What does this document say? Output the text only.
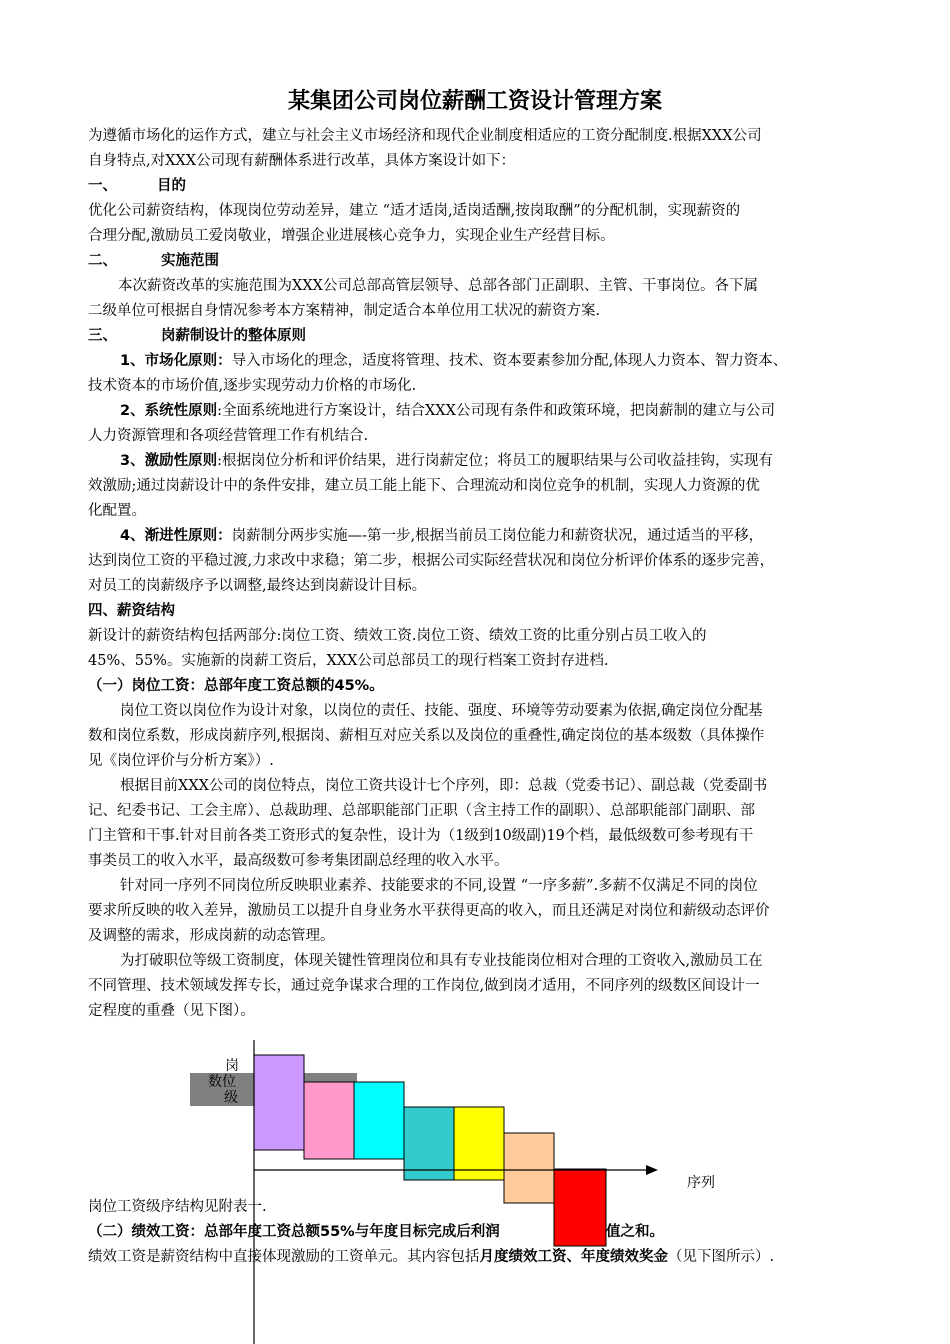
某集团公司岗位薪酬工资设计管理方案
为遵循市场化的运作方式，建立与社会主义市场经济和现代企业制度相适应的工资分配制度.根据XXX公司
自身特点,对XXX公司现有薪酬体系进行改革，具体方案设计如下：
一、	目的
优化公司薪资结构，体现岗位劳动差异，建立 “适才适岗,适岗适酬,按岗取酬”的分配机制，实现薪资的
合理分配,激励员工爱岗敬业，增强企业进展核心竞争力，实现企业生产经营目标。
二、	实施范围
本次薪资改革的实施范围为XXX公司总部高管层领导、总部各部门正副职、主管、干事岗位。各下属
二级单位可根据自身情况参考本方案精神，制定适合本单位用工状况的薪资方案.
三、	岗薪制设计的整体原则
1、市场化原则：导入市场化的理念，适度将管理、技术、资本要素参加分配,体现人力资本、智力资本、
技术资本的市场价值,逐步实现劳动力价格的市场化.
2、系统性原则:全面系统地进行方案设计，结合XXX公司现有条件和政策环境，把岗薪制的建立与公司
人力资源管理和各项经营管理工作有机结合.
3、激励性原则:根据岗位分析和评价结果，进行岗薪定位；将员工的履职结果与公司收益挂钩，实现有
效激励;通过岗薪设计中的条件安排，建立员工能上能下、合理流动和岗位竞争的机制，实现人力资源的优
化配置。
4、渐进性原则：岗薪制分两步实施—-第一步,根据当前员工岗位能力和薪资状况，通过适当的平移，
达到岗位工资的平稳过渡,力求改中求稳；第二步，根据公司实际经营状况和岗位分析评价体系的逐步完善，
对员工的岗薪级序予以调整,最终达到岗薪设计目标。
四、薪资结构
新设计的薪资结构包括两部分:岗位工资、绩效工资.岗位工资、绩效工资的比重分别占员工收入的
45%、55%。实施新的岗薪工资后，XXX公司总部员工的现行档案工资封存进档.
（一）岗位工资：总部年度工资总额的45%。
岗位工资以岗位作为设计对象，以岗位的责任、技能、强度、环境等劳动要素为依据,确定岗位分配基
数和岗位系数，形成岗薪序列,根据岗、薪相互对应关系以及岗位的重叠性,确定岗位的基本级数（具体操作
见《岗位评价与分析方案》）.
根据目前XXX公司的岗位特点，岗位工资共设计七个序列，即：总裁（党委书记）、副总裁（党委副书
记、纪委书记、工会主席）、总裁助理、总部职能部门正职（含主持工作的副职）、总部职能部门副职、部
门主管和干事.针对目前各类工资形式的复杂性，设计为（1级到10级副)19个档，最低级数可参考现有干
事类员工的收入水平，最高级数可参考集团副总经理的收入水平。
针对同一序列不同岗位所反映职业素养、技能要求的不同,设置 “一序多薪”.多薪不仅满足不同的岗位
要求所反映的收入差异，激励员工以提升自身业务水平获得更高的收入，而且还满足对岗位和薪级动态评价
及调整的需求，形成岗薪的动态管理。
为打破职位等级工资制度，体现关键性管理岗位和具有专业技能岗位相对合理的工资收入,激励员工在
不同管理、技术领域发挥专长，通过竞争谋求合理的工作岗位,做到岗才适用，不同序列的级数区间设计一
定程度的重叠（见下图）。
岗
数位
级
序列
岗位工资级序结构见附表一.
（二）绩效工资：总部年度工资总额55%与年度目标完成后利润	值之和。
绩效工资是薪资结构中直接体现激励的工资单元。其内容包括月度绩效工资、年度绩效奖金（见下图所示）.
